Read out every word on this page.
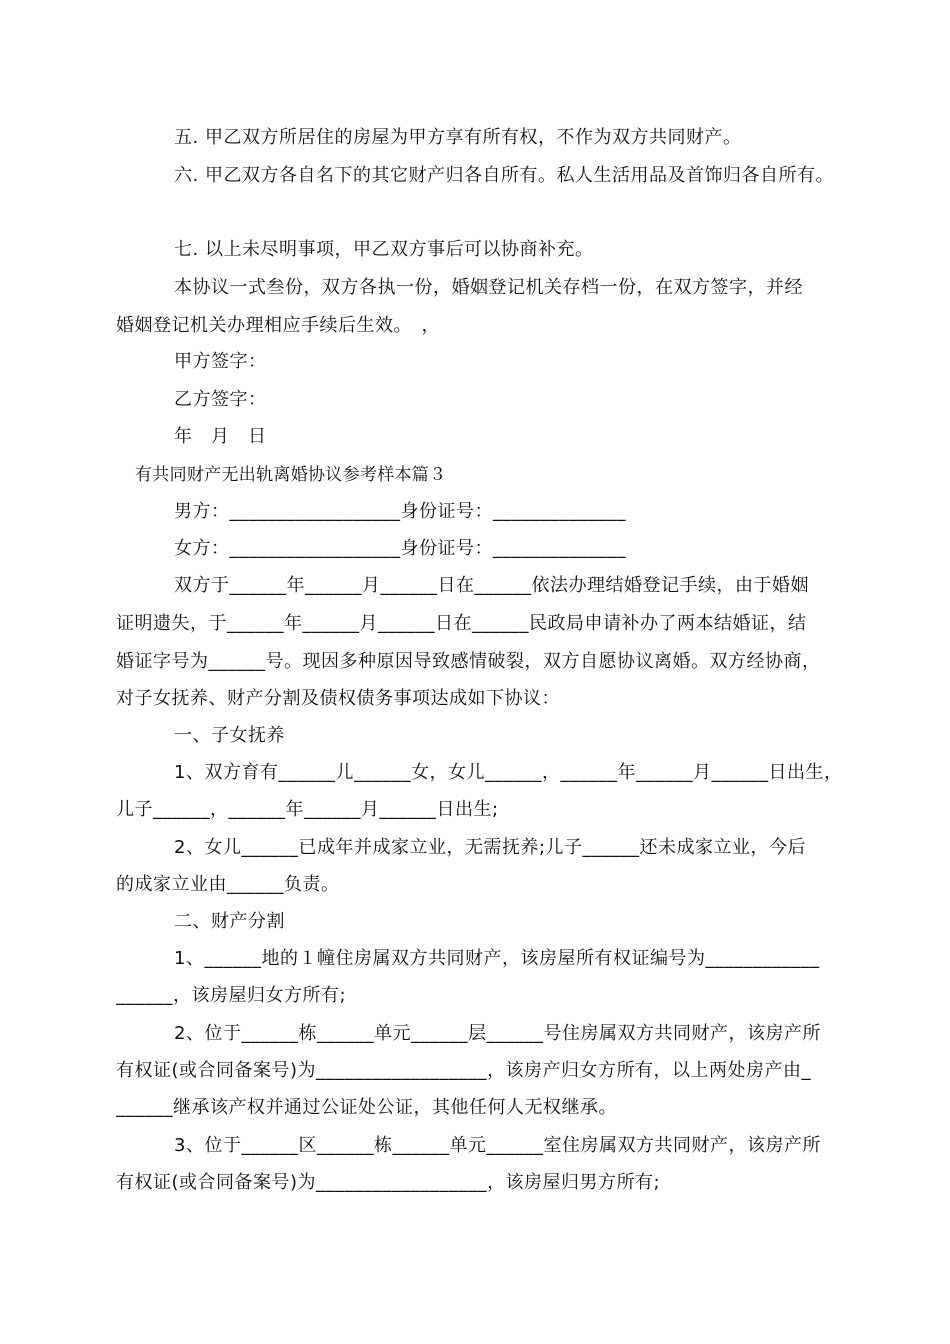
五. 甲乙双方所居住的房屋为甲方享有所有权，不作为双方共同财产。
六. 甲乙双方各自名下的其它财产归各自所有。私人生活用品及首饰归各自所有。
七. 以上未尽明事项，甲乙双方事后可以协商补充。
本协议一式叁份，双方各执一份，婚姻登记机关存档一份，在双方签字，并经
婚姻登记机关办理相应手续后生效。　，
甲方签字：
乙方签字：
年　月　日
有共同财产无出轨离婚协议参考样本篇３
男方：__________________身份证号：______________
女方：__________________身份证号：______________
双方于______年______月______日在______依法办理结婚登记手续，由于婚姻
证明遗失，于______年______月______日在______民政局申请补办了两本结婚证，结
婚证字号为______号。现因多种原因导致感情破裂，双方自愿协议离婚。双方经协商，
对子女抚养、财产分割及债权债务事项达成如下协议：
一、子女抚养
1、双方育有______儿______女，女儿______，______年______月______日出生，
儿子______，______年______月______日出生;
2、女儿______已成年并成家立业，无需抚养;儿子______还未成家立业，今后
的成家立业由______负责。
二、财产分割
1、______地的１幢住房属双方共同财产，该房屋所有权证编号为____________
______，该房屋归女方所有;
2、位于______栋______单元______层______号住房属双方共同财产，该房产所
有权证(或合同备案号)为__________________，该房产归女方所有，以上两处房产由_
______继承该产权并通过公证处公证，其他任何人无权继承。
3、位于______区______栋______单元______室住房属双方共同财产，该房产所
有权证(或合同备案号)为__________________，该房屋归男方所有;
